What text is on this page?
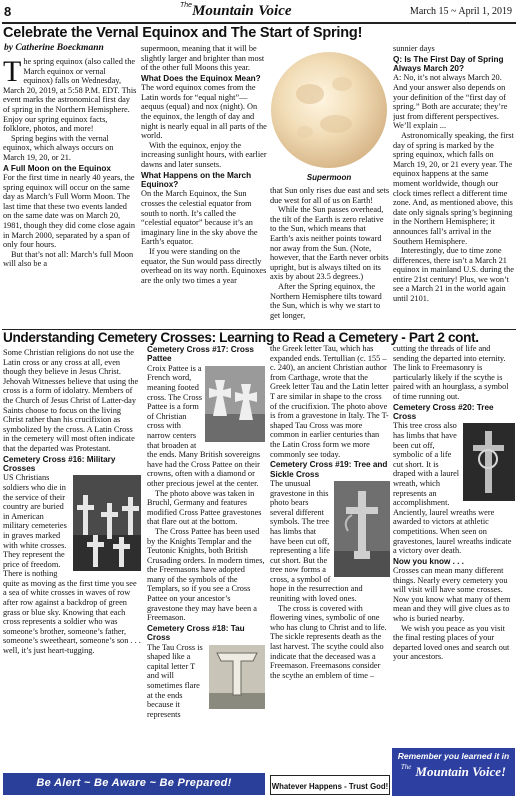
8	$^{The}$Mountain Voice	March 15 ~ April 1, 2019
Celebrate the Vernal Equinox and The Start of Spring!
by Catherine Boeckmann

The spring equinox (also called the March equinox or vernal equinox) falls on Wednesday, March 20, 2019, at 5:58 P.M. EDT. This event marks the astronomical first day of spring in the Northern Hemisphere. Enjoy our spring equinox facts, folklore, photos, and more!

Spring begins with the vernal equinox, which always occurs on March 19, 20, or 21.

A Full Moon on the Equinox

For the first time in nearly 40 years, the spring equinox will occur on the same day as March’s Full Worm Moon. The last time that these two events landed on the same date was on March 20, 1981, though they did come close again in March 2000, separated by a span of only four hours.

But that’s not all: March’s full Moon will also be a

supermoon, meaning that it will be slightly larger and brighter than most of the other full Moons this year.

What Does the Equinox Mean?

The word equinox comes from the Latin words for “equal night”—aequus (equal) and nox (night). On the equinox, the length of day and night is nearly equal in all parts of the world.

With the equinox, enjoy the increasing sunlight hours, with earlier dawns and later sunsets.

What Happens on the March Equinox?

On the March Equinox, the Sun crosses the celestial equator from south to north. It’s called the “celestial equator” because it’s an imaginary line in the sky above the Earth’s equator.

If you were standing on the equator, the Sun would pass directly overhead on its way north. Equinoxes are the only two times a year

Supermoon

that Sun only rises due east and sets due west for all of us on Earth!

While the Sun passes overhead, the tilt of the Earth is zero relative to the Sun, which means that Earth’s axis neither points toward nor away from the Sun. (Note, however, that the Earth never orbits upright, but is always tilted on its axis by about 23.5 degrees.)

After the Spring equinox, the Northern Hemisphere tilts toward the Sun, which is why we start to get longer,

sunnier days

Q: Is The First Day of Spring Always March 20?

A: No, it’s not always March 20. And your answer also depends on your definition of the “first day of spring.” Both are accurate; they’re just from different perspectives. We’ll explain ...

Astronomically speaking, the first day of spring is marked by the spring equinox, which falls on March 19, 20, or 21 every year. The equinox happens at the same moment worldwide, though our clock times reflect a different time zone. And, as mentioned above, this date only signals spring’s beginning in the Northern Hemisphere; it announces fall’s arrival in the Southern Hemisphere.

Interestingly, due to time zone differences, there isn’t a March 21 equinox in mainland U.S. during the entire 21st century! Plus, we won’t see a March 21 in the world again until 2101.

Understanding Cemetery Crosses: Learning to Read a Cemetery - Part 2 cont.

Some Christian religions do not use the Latin cross or any cross at all, even though they believe in Jesus Christ. Jehovah Witnesses believe that using the cross is a form of idolatry. Members of the Church of Jesus Christ of Latter-day Saints choose to focus on the living Christ rather than his crucifixion as symbolized by the cross. A Latin Cross in the cemetery will most often indicate that the departed was Protestant.

Cemetery Cross #16: Military Crosses

US Christians soldiers who die in the service of their country are buried in American military cemeteries in graves marked with white crosses. They represent the price of freedom. There is nothing quite as moving as the first time you see a sea of white crosses in waves of row after row against a backdrop of green grass or blue sky. Knowing that each cross represents a soldier who was someone’s brother, someone’s father, someone’s sweetheart, someone’s son . . . well, it’s just heart-tugging.

Cemetery Cross #17: Cross Pattee

Croix Pattee is a French word, meaning footed cross. The Cross Pattee is a form of Christian cross with narrow centers that broaden at the ends. Many British sovereigns have had the Cross Pattee on their crowns, often with a diamond or other precious jewel at the center.

The photo above was taken in Bruchl, Germany and features modified Cross Pattee gravestones that flare out at the bottom.

The Cross Pattee has been used by the Knights Templar and the Teutonic Knights, both British Crusading orders. In modern times, the Freemasons have adopted many of the symbols of the Templars, so if you see a Cross Pattee on your ancestor’s gravestone they may have been a Freemason.

Cemetery Cross #18: Tau Cross

The Tau Cross is shaped like a capital letter T and will sometimes flare at the ends because it represents

the Greek letter Tau, which has expanded ends. Tertullian (c. 155 – c. 240), an ancient Christian author from Carthage, wrote that the Greek letter Tau and the Latin letter T are similar in shape to the cross of the crucifixion. The photo above is from a gravestone in Italy. The T-shaped Tau Cross was more common in earlier centuries than the Latin Cross form we more commonly see today.

Cemetery Cross #19: Tree and Sickle Cross

The unusual gravestone in this photo bears several different symbols. The tree has limbs that have been cut off, representing a life cut short. But the tree now forms a cross, a symbol of hope in the resurrection and reuniting with loved ones.

The cross is covered with flowering vines, symbolic of one who has clung to Christ and to life. The sickle represents death as the last harvest. The scythe could also indicate that the deceased was a Freemason. Freemasons consider the scythe an emblem of time –

cutting the threads of life and sending the departed into eternity. The link to Freemasonry is particularly likely if the scythe is paired with an hourglass, a symbol of time running out.

Cemetery Cross #20: Tree Cross

This tree cross also has limbs that have been cut off, symbolic of a life cut short. It is draped with a laurel wreath, which represents an accomplishment. Anciently, laurel wreaths were awarded to victors at athletic competitions. When seen on gravestones, laurel wreaths indicate a victory over death.

Now you know . . .

Crosses can mean many different things. Nearly every cemetery you will visit will have some crosses. Now you know what many of them mean and they will give clues as to who is buried nearby.

We wish you peace as you visit the final resting places of your departed loved ones and search out your ancestors.

Remember you learned it in
$^{The}$ Mountain Voice!
Be Alert ~ Be Aware ~ Be Prepared!	Whatever Happens - Trust God!
